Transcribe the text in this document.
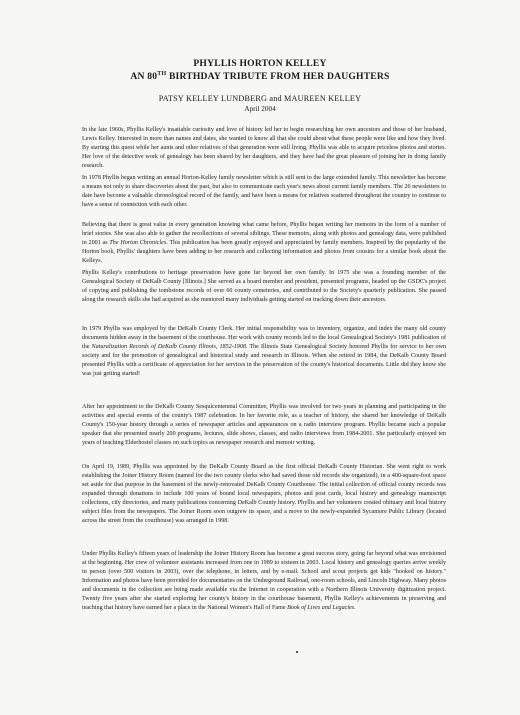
PHYLLIS HORTON KELLEY
AN 80TH BIRTHDAY TRIBUTE FROM HER DAUGHTERS
PATSY KELLEY LUNDBERG and MAUREEN KELLEY
April 2004

In the late 1960s, Phyllis Kelley's insatiable curiosity and love of history led her to begin researching her own ancestors and those of her husband, Lewis Kelley. Interested in more than names and dates, she wanted to know all that she could about what these people were like and how they lived. By starting this quest while her aunts and other relatives of that generation were still living, Phyllis was able to acquire priceless photos and stories. Her love of the detective work of genealogy has been shared by her daughters, and they have had the great pleasure of joining her in doing family research.

In 1978 Phyllis began writing an annual Horton-Kelley family newsletter which is still sent to the large extended family. This newsletter has become a means not only to share discoveries about the past, but also to communicate each year's news about current family members. The 26 newsletters to date have become a valuable chronological record of the family, and have been a means for relatives scattered throughout the country to continue to have a sense of connection with each other.

Believing that there is great value in every generation knowing what came before, Phyllis began writing her memoirs in the form of a number of brief stories. She was also able to gather the recollections of several siblings. These memoirs, along with photos and genealogy data, were published in 2001 as The Horton Chronicles. This publication has been greatly enjoyed and appreciated by family members. Inspired by the popularity of the Horton book, Phyllis' daughters have been adding to her research and collecting information and photos from cousins for a similar book about the Kelleys.

Phyllis Kelley's contributions to heritage preservation have gone far beyond her own family. In 1975 she was a founding member of the Genealogical Society of DeKalb County [Illinois.] She served as a board member and president, presented programs, headed up the GSDC's project of copying and publishing the tombstone records of over 60 county cemeteries, and contributed to the Society's quarterly publication. She passed along the research skills she had acquired as she mentored many individuals getting started on tracking down their ancestors.

In 1979 Phyllis was employed by the DeKalb County Clerk. Her initial responsibility was to inventory, organize, and index the many old county documents hidden away in the basement of the courthouse. Her work with county records led to the local Genealogical Society's 1981 publication of the Naturalization Records of DeKalb County Illinois, 1852-1908. The Illinois State Genealogical Society honored Phyllis for service to her own society and for the promotion of genealogical and historical study and research in Illinois. When she retired in 1984, the DeKalb County Board presented Phyllis with a certificate of appreciation for her services in the preservation of the county's historical documents. Little did they know she was just getting started!

After her appointment to the DeKalb County Sesquicentennial Committee, Phyllis was involved for two years in planning and participating in the activities and special events of the county's 1987 celebration. In her favorite role, as a teacher of history, she shared her knowledge of DeKalb County's 150-year history through a series of newspaper articles and appearances on a radio interview program. Phyllis became such a popular speaker that she presented nearly 200 programs, lectures, slide shows, classes, and radio interviews from 1984-2001. She particularly enjoyed ten years of teaching Elderhostel classes on such topics as newspaper research and memoir writing.

On April 19, 1989, Phyllis was appointed by the DeKalb County Board as the first official DeKalb County Historian. She went right to work establishing the Joiner History Room (named for the two county clerks who had saved those old records she organized), in a 400-square-foot space set aside for that purpose in the basement of the newly-renovated DeKalb County Courthouse. The initial collection of official county records was expanded through donations to include 100 years of bound local newspapers, photos and post cards, local history and genealogy manuscript collections, city directories, and many publications concerning DeKalb County history. Phyllis and her volunteers created obituary and local history subject files from the newspapers. The Joiner Room soon outgrew its space, and a move to the newly-expanded Sycamore Public Library (located across the street from the courthouse) was arranged in 1998.

Under Phyllis Kelley's fifteen years of leadership the Joiner History Room has become a great success story, going far beyond what was envisioned at the beginning. Her crew of volunteer assistants increased from one in 1989 to sixteen in 2003. Local history and genealogy queries arrive weekly in person (over 500 visitors in 2003), over the telephone, in letters, and by e-mail. School and scout projects get kids "hooked on history." Information and photos have been provided for documentaries on the Underground Railroad, one-room schools, and Lincoln Highway. Many photos and documents in the collection are being made available via the Internet in cooperation with a Northern Illinois University digitization project. Twenty five years after she started exploring her county's history in the courthouse basement, Phyllis Kelley's achievements in preserving and teaching that history have earned her a place in the National Women's Hall of Fame Book of Lives and Legacies.
